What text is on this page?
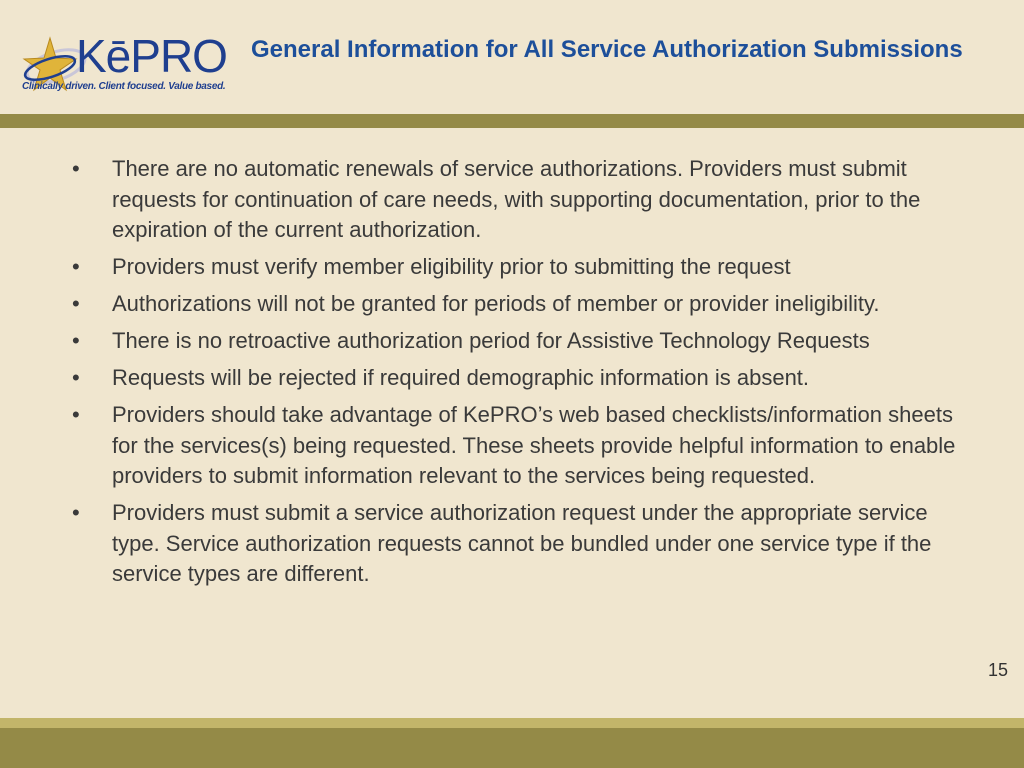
KēPRO
Clinically driven. Client focused. Value based.
General Information for All Service Authorization Submissions
• There are no automatic renewals of service authorizations. Providers must submit requests for continuation of care needs, with supporting documentation, prior to the expiration of the current authorization.
• Providers must verify member eligibility prior to submitting the request
• Authorizations will not be granted for periods of member or provider ineligibility.
• There is no retroactive authorization period for Assistive Technology Requests
• Requests will be rejected if required demographic information is absent.
• Providers should take advantage of KePRO’s web based checklists/information sheets for the services(s) being requested. These sheets provide helpful information to enable providers to submit information relevant to the services being requested.
• Providers must submit a service authorization request under the appropriate service type. Service authorization requests cannot be bundled under one service type if the service types are different.
15
